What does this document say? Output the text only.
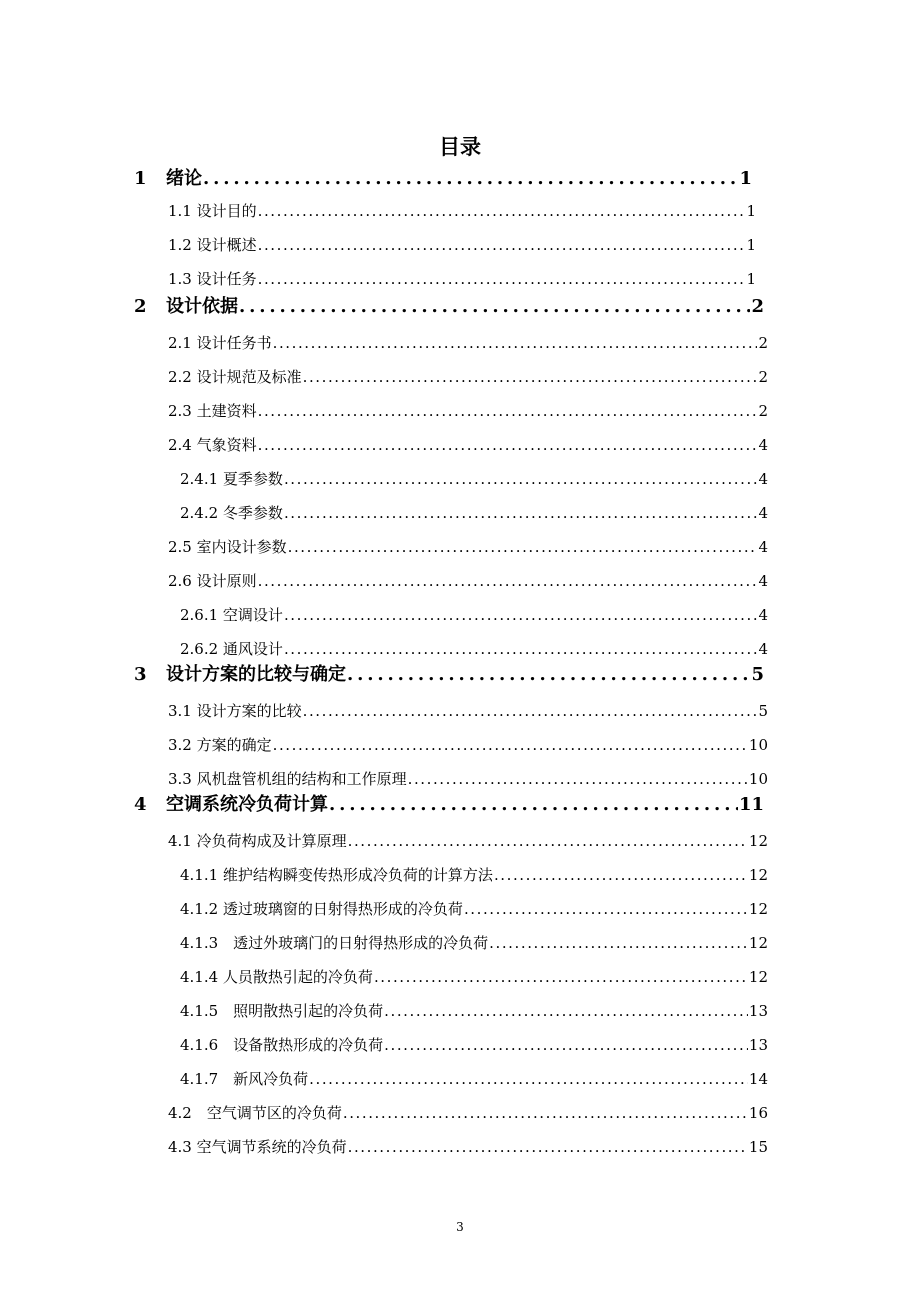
目录
1	绪论 . . .	1
1.1 设计目的 . . .	1
1.2 设计概述 . . .	1
1.3 设计任务 . . .	1
2	设计依据 . . .	2
2.1 设计任务书 . . .	2
2.2 设计规范及标准 . . .	2
2.3 土建资料 . . .	2
2.4 气象资料 . . .	4
2.4.1 夏季参数 . . .	4
2.4.2 冬季参数 . . .	4
2.5 室内设计参数 . . .	4
2.6 设计原则 . . .	4
2.6.1 空调设计 . . .	4
2.6.2 通风设计 . . .	4
3	设计方案的比较与确定 . . .	5
3.1 设计方案的比较 . . .	5
3.2 方案的确定 . . .	10
3.3 风机盘管机组的结构和工作原理 . . .	10
4	空调系统冷负荷计算 . . .	11
4.1 冷负荷构成及计算原理 . . .	12
4.1.1 维护结构瞬变传热形成冷负荷的计算方法 . . .	12
4.1.2 透过玻璃窗的日射得热形成的冷负荷 . . .	12
4.1.3　透过外玻璃门的日射得热形成的冷负荷 . . .	12
4.1.4 人员散热引起的冷负荷 . . .	12
4.1.5　照明散热引起的冷负荷 . . .	13
4.1.6　设备散热形成的冷负荷 . . .	13
4.1.7　新风冷负荷 . . .	14
4.2　空气调节区的冷负荷 . . .	16
4.3 空气调节系统的冷负荷 . . .	15
3
